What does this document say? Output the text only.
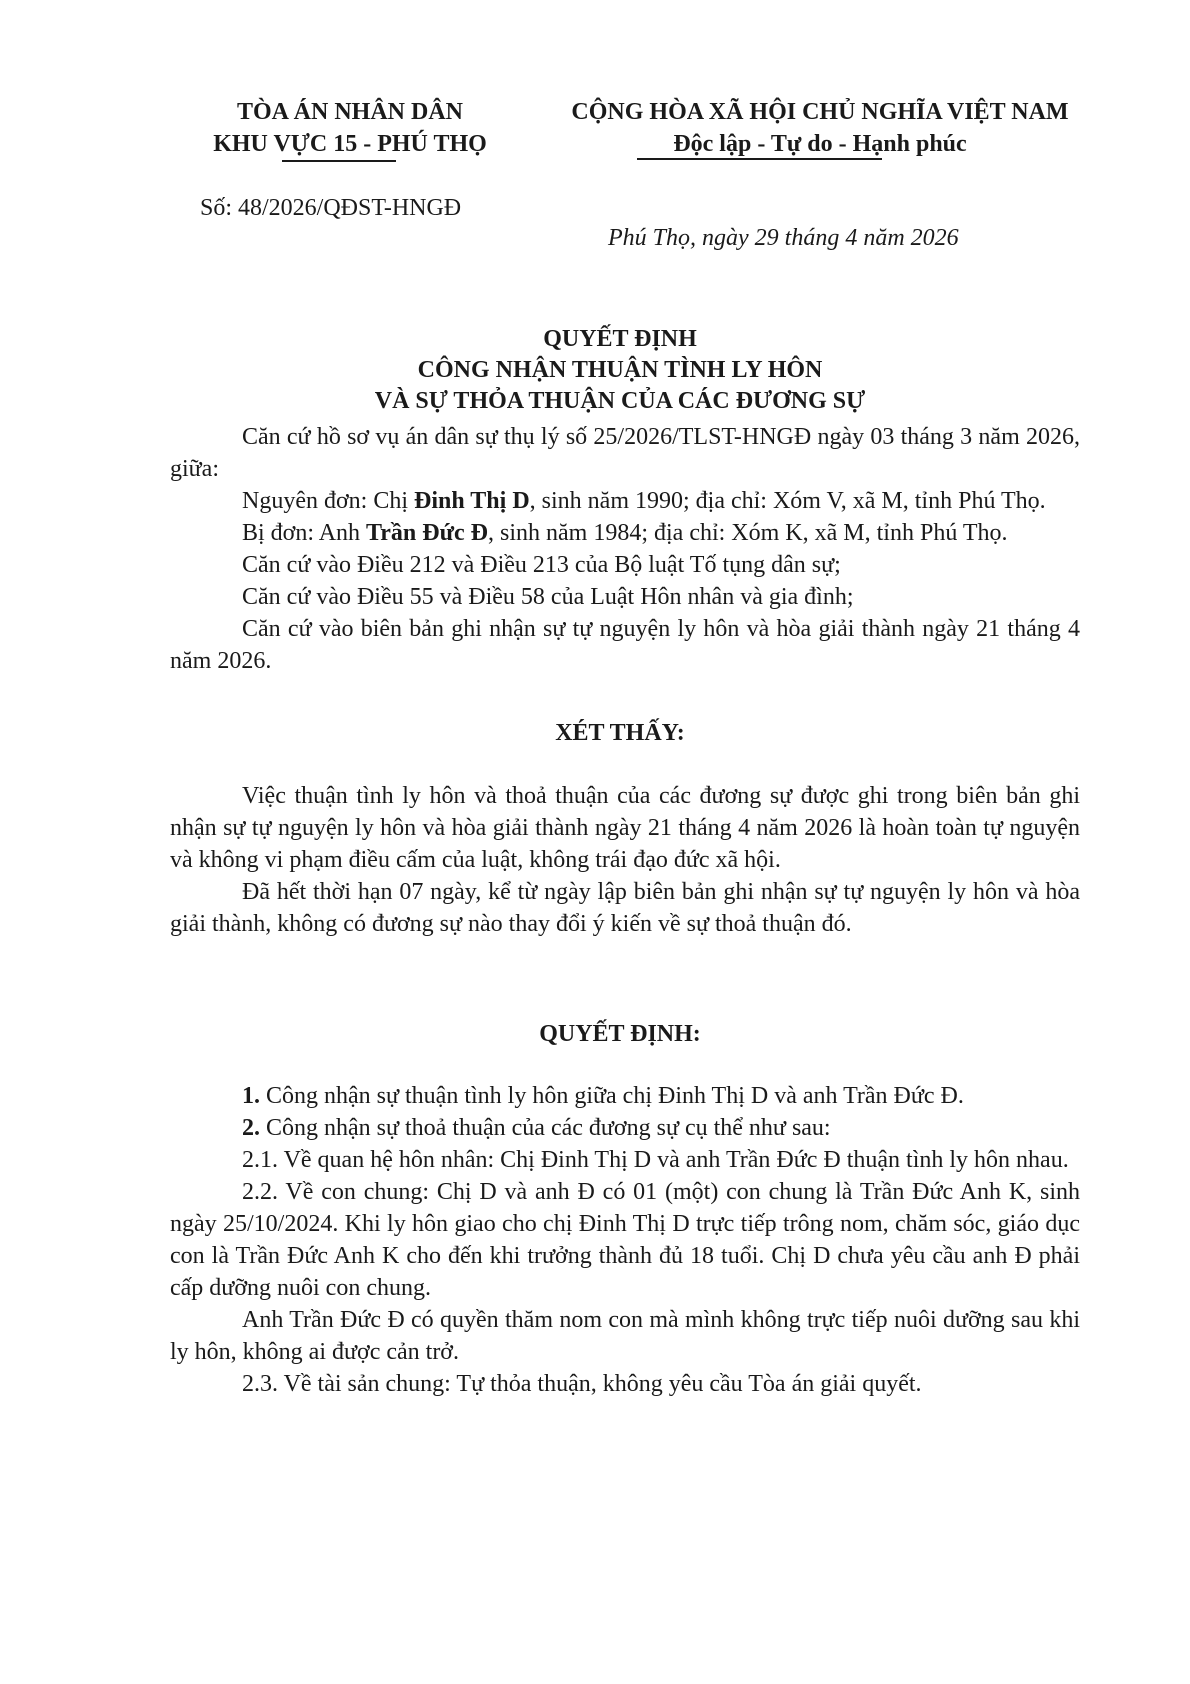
TÒA ÁN NHÂN DÂN
KHU VỰC 15 - PHÚ THỌ
CỘNG HÒA XÃ HỘI CHỦ NGHĨA VIỆT NAM
Độc lập - Tự do - Hạnh phúc
Số: 48/2026/QĐST-HNGĐ
Phú Thọ, ngày 29 tháng 4 năm 2026
QUYẾT ĐỊNH
CÔNG NHẬN THUẬN TÌNH LY HÔN
VÀ SỰ THỎA THUẬN CỦA CÁC ĐƯƠNG SỰ

Căn cứ hồ sơ vụ án dân sự thụ lý số 25/2026/TLST-HNGĐ ngày 03 tháng 3 năm 2026, giữa:

Nguyên đơn: Chị Đinh Thị D, sinh năm 1990; địa chỉ: Xóm V, xã M, tỉnh Phú Thọ.

Bị đơn: Anh Trần Đức Đ, sinh năm 1984; địa chỉ: Xóm K, xã M, tỉnh Phú Thọ.

Căn cứ vào Điều 212 và Điều 213 của Bộ luật Tố tụng dân sự;

Căn cứ vào Điều 55 và Điều 58 của Luật Hôn nhân và gia đình;

Căn cứ vào biên bản ghi nhận sự tự nguyện ly hôn và hòa giải thành ngày 21 tháng 4 năm 2026.

XÉT THẤY:

Việc thuận tình ly hôn và thoả thuận của các đương sự được ghi trong biên bản ghi nhận sự tự nguyện ly hôn và hòa giải thành ngày 21 tháng 4 năm 2026 là hoàn toàn tự nguyện và không vi phạm điều cấm của luật, không trái đạo đức xã hội.

Đã hết thời hạn 07 ngày, kể từ ngày lập biên bản ghi nhận sự tự nguyện ly hôn và hòa giải thành, không có đương sự nào thay đổi ý kiến về sự thoả thuận đó.

QUYẾT ĐỊNH:

1. Công nhận sự thuận tình ly hôn giữa chị Đinh Thị D và anh Trần Đức Đ.

2. Công nhận sự thoả thuận của các đương sự cụ thể như sau:

2.1. Về quan hệ hôn nhân: Chị Đinh Thị D và anh Trần Đức Đ thuận tình ly hôn nhau.

2.2. Về con chung: Chị D và anh Đ có 01 (một) con chung là Trần Đức Anh K, sinh ngày 25/10/2024. Khi ly hôn giao cho chị Đinh Thị D trực tiếp trông nom, chăm sóc, giáo dục con là Trần Đức Anh K cho đến khi trưởng thành đủ 18 tuổi. Chị D chưa yêu cầu anh Đ phải cấp dưỡng nuôi con chung.

Anh Trần Đức Đ có quyền thăm nom con mà mình không trực tiếp nuôi dưỡng sau khi ly hôn, không ai được cản trở.

2.3. Về tài sản chung: Tự thỏa thuận, không yêu cầu Tòa án giải quyết.
